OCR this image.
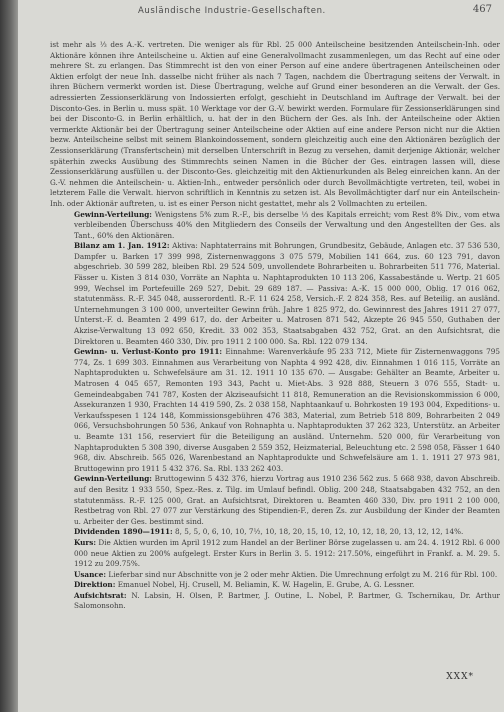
Ausländische Industrie-Gesellschaften.	467

ist mehr als ⅓ des A.-K. vertreten. Die weniger als für Rbl. 25 000 Anteilscheine besitzenden Anteilschein-Inh. oder Aktionäre können ihre Anteilscheine u. Aktien auf eine Generalvollmacht zusammenlegen, um das Recht auf eine oder mehrere St. zu erlangen. Das Stimmrecht ist den von einer Person auf eine andere übertragenen Anteilscheinen oder Aktien erfolgt der neue Inh. dasselbe nicht früher als nach 7 Tagen, nachdem die Übertragung seitens der Verwalt. in ihren Büchern vermerkt worden ist. Diese Übertragung, welche auf Grund einer besonderen an die Verwalt. der Ges. adressierten Zessionserklärung von Indossierten erfolgt, geschieht in Deutschland im Auftrage der Verwalt. bei der Disconto-Ges. in Berlin u. muss spät. 10 Werktage vor der G.-V. bewirkt werden. Formulare für Zessionserklärungen sind bei der Disconto-G. in Berlin erhältlich, u. hat der in den Büchern der Ges. als Inh. der Anteilscheine oder Aktien vermerkte Aktionär bei der Übertragung seiner Anteilscheine oder Aktien auf eine andere Person nicht nur die Aktien bezw. Anteilscheine selbst mit seinem Blankoindossement, sondern gleichzeitig auch eine den Aktionären bezüglich der Zessionserklärung (Transfertschein) mit derselben Unterschrift in Bezug zu versehen, damit derjenige Aktionär, welcher späterhin zwecks Ausübung des Stimmrechts seinen Namen in die Bücher der Ges. eintragen lassen will, diese Zessionserklärung ausfüllen u. der Disconto-Ges. gleichzeitig mit den Aktienurkunden als Beleg einreichen kann. An der G.-V. nehmen die Anteilschein- u. Aktien-Inh., entweder persönlich oder durch Bevollmächtigte vertreten, teil, wobei in letzterem Falle die Verwalt. hiervon schriftlich in Kenntnis zu setzen ist. Als Bevollmächtigter darf nur ein Anteilschein-Inh. oder Aktionär auftreten, u. ist es einer Person nicht gestattet, mehr als 2 Vollmachten zu erteilen.

Gewinn-Verteilung: Wenigstens 5% zum R.-F., bis derselbe ⅓ des Kapitals erreicht; vom Rest 8% Div., vom etwa verbleibenden Überschuss 40% den Mitgliedern des Conseils der Verwaltung und den Angestellten der Ges. als Tant., 60% den Aktionären.

Bilanz am 1. Jan. 1912: Aktiva: Naphtaterrains mit Bohrungen, Grundbesitz, Gebäude, Anlagen etc. 37 536 530, Dampfer u. Barken 17 399 998, Zisternenwaggons 3 075 579, Mobilien 141 664, zus. 60 123 791, davon abgeschrieb. 30 599 282, bleiben Rbl. 29 524 509, unvollendete Bohrarbeiten u. Bohrarbeiten 511 776, Material. Fässer u. Kisten 3 814 030, Vorräte an Naphta u. Naphtaprodukten 10 113 206, Kassabestände u. Wertp. 21 605 999, Wechsel im Portefeuille 269 527, Debit. 29 689 187. — Passiva: A.-K. 15 000 000, Oblig. 17 016 062, statutenmäss. R.-F. 345 048, ausserordentl. R.-F. 11 624 258, Versich.-F. 2 824 358, Res. auf Beteilig. an ausländ. Unternehmungen 3 100 000, unverteilter Gewinn früh. Jahre 1 825 972, do. Gewinnrest des Jahres 1911 27 077, Unterst.-F. d. Beamten 2 499 617, do. der Arbeiter u. Matrosen 871 542, Akzepte 26 945 550, Guthaben der Akzise-Verwaltung 13 092 650, Kredit. 33 002 353, Staatsabgaben 432 752, Grat. an den Aufsichtsrat, die Direktoren u. Beamten 460 330, Div. pro 1911 2 100 000. Sa. Rbl. 122 079 134.

Gewinn- u. Verlust-Konto pro 1911: Einnahme: Warenverkäufe 95 233 712, Miete für Zisternenwaggons 795 774, Zs. 1 699 303. Einnahmen aus Verarbeitung von Naphta 4 992 428, div. Einnahmen 1 016 115, Vorräte an Naphtaprodukten u. Schwefelsäure am 31. 12. 1911 10 135 670. — Ausgabe: Gehälter an Beamte, Arbeiter u. Matrosen 4 045 657, Remonten 193 343, Pacht u. Miet-Abs. 3 928 888, Steuern 3 076 555, Stadt- u. Gemeindeabgaben 741 787, Kosten der Akziseaufsicht 11 818, Remuneration an die Revisionskommission 6 000, Assekuranzen 1 930, Frachten 14 419 590, Zs. 2 038 158, Naphtaankauf u. Bohrkosten 19 193 004, Expeditions- u. Verkaufsspesen 1 124 148, Kommissionsgebühren 476 383, Material, zum Betrieb 518 809, Bohrarbeiten 2 049 066, Versuchsbohrungen 50 536, Ankauf von Rohnaphta u. Naphtaprodukten 37 262 323, Unterstütz. an Arbeiter u. Beamte 131 156, reserviert für die Beteiligung an ausländ. Unternehm. 520 000, für Verarbeitung von Naphtaprodukten 5 308 390, diverse Ausgaben 2 559 352, Heizmaterial, Beleuchtung etc. 2 598 058, Fässer 1 640 968, div. Abschreib. 565 026, Warenbestand an Naphtaprodukte und Schwefelsäure am 1. 1. 1911 27 973 981, Bruttogewinn pro 1911 5 432 376. Sa. Rbl. 133 262 403.

Gewinn-Verteilung: Bruttogewinn 5 432 376, hierzu Vortrag aus 1910 236 562 zus. 5 668 938, davon Abschreib. auf den Besitz 1 933 550, Spez.-Res. z. Tilg. im Umlauf befindl. Oblig. 200 248, Staatsabgaben 432 752, an den statutenmäss. R.-F. 125 000, Grat. an Aufsichtsrat, Direktoren u. Beamten 460 330, Div. pro 1911 2 100 000, Restbetrag von Rbl. 27 077 zur Verstärkung des Stipendien-F., deren Zs. zur Ausbildung der Kinder der Beamten u. Arbeiter der Ges. bestimmt sind.

Dividenden 1890—1911: 8, 5, 5, 0, 6, 10, 10, 7½, 10, 18, 20, 15, 10, 12, 10, 12, 18, 20, 13, 12, 12, 14%.

Kurs: Die Aktien wurden im April 1912 zum Handel an der Berliner Börse zugelassen u. am 24. 4. 1912 Rbl. 6 000 000 neue Aktien zu 200% aufgelegt. Erster Kurs in Berlin 3. 5. 1912: 217.50%, eingeführt in Frankf. a. M. 29. 5. 1912 zu 209.75%.

Usance: Lieferbar sind nur Abschnitte von je 2 oder mehr Aktien. Die Umrechnung erfolgt zu M. 216 für Rbl. 100.

Direktion: Emanuel Nobel, Hj. Crusell, M. Beliamin, K. W. Hagelin, E. Grube, A. G. Lessner.

Aufsichtsrat: N. Labsin, H. Olsen, P. Bartmer, J. Outine, L. Nobel, P. Bartmer, G. Tschernikau, Dr. Arthur Salomonsohn.

XXX*
